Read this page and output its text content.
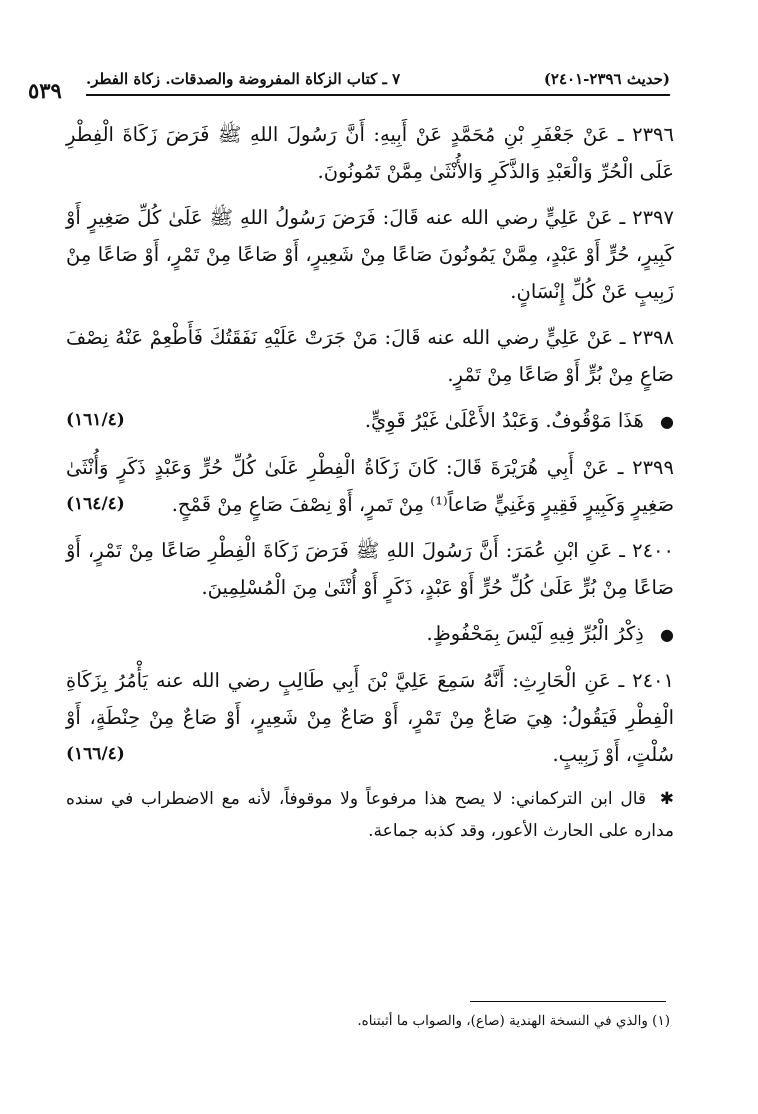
٥٣٩ ٧ ـ كتاب الزكاة المفروضة والصدقات. زكاة الفطر.	(حديث ٢٣٩٦-٢٤٠١)

٢٣٩٦ ـ عَنْ جَعْفَرِ بْنِ مُحَمَّدٍ عَنْ أَبِيهِ: أَنَّ رَسُولَ اللهِ ﷺ فَرَضَ زَكَاةَ الْفِطْرِ عَلَى الْحُرِّ وَالْعَبْدِ وَالذَّكَرِ وَالأُنْثَىٰ مِمَّنْ تَمُونُونَ.

٢٣٩٧ ـ عَنْ عَلِيٍّ رضي الله عنه قَالَ: فَرَضَ رَسُولُ اللهِ ﷺ عَلَىٰ كُلِّ صَغِيرٍ أَوْ كَبِيرٍ، حُرٍّ أَوْ عَبْدٍ، مِمَّنْ يَمُونُونَ صَاعًا مِنْ شَعِيرٍ، أَوْ صَاعًا مِنْ تَمْرٍ، أَوْ صَاعًا مِنْ زَبِيبٍ عَنْ كُلِّ إِنْسَانٍ.

٢٣٩٨ ـ عَنْ عَلِيٍّ رضي الله عنه قَالَ: مَنْ جَرَتْ عَلَيْهِ نَفَقَتُكَ فَأَطْعِمْ عَنْهُ نِصْفَ صَاعٍ مِنْ بُرٍّ أَوْ صَاعًا مِنْ تَمْرٍ.

(١٦١/٤)	● هَذَا مَوْقُوفٌ. وَعَبْدُ الأَعْلَىٰ غَيْرُ قَوِيٍّ.

٢٣٩٩ ـ عَنْ أَبِي هُرَيْرَةَ قَالَ: كَانَ زَكَاةُ الْفِطْرِ عَلَىٰ كُلِّ حُرٍّ وَعَبْدٍ ذَكَرٍ وَأُنْثَىٰ صَغِيرٍ وَكَبِيرٍ فَقِيرٍ وَغَنِيٍّ صَاعاً⁽¹⁾ مِنْ تَمرٍ، أَوْ نِصْفَ صَاعٍ مِنْ قَمْحٍ.
(١٦٤/٤)

٢٤٠٠ ـ عَنِ ابْنِ عُمَرَ: أَنَّ رَسُولَ اللهِ ﷺ فَرَضَ زَكَاةَ الْفِطْرِ صَاعًا مِنْ تَمْرٍ، أَوْ صَاعًا مِنْ بُرٍّ عَلَىٰ كُلِّ حُرٍّ أَوْ عَبْدٍ، ذَكَرٍ أَوْ أُنْثَىٰ مِنَ الْمُسْلِمِينَ.

● ذِكْرُ الْبُرِّ فِيهِ لَيْسَ بِمَحْفُوظٍ.

٢٤٠١ ـ عَنِ الْحَارِثِ: أَنَّهُ سَمِعَ عَلِيَّ بْنَ أَبِي طَالِبٍ رضي الله عنه يَأْمُرُ بِزَكَاةِ الْفِطْرِ فَيَقُولُ: هِيَ صَاعٌ مِنْ تَمْرٍ، أَوْ صَاعٌ مِنْ شَعِيرٍ، أَوْ صَاعٌ مِنْ حِنْطَةٍ، أَوْ سُلْتٍ، أَوْ زَبِيبٍ.
(١٦٦/٤)

✱ قال ابن التركماني: لا يصح هذا مرفوعاً ولا موقوفاً، لأنه مع الاضطراب في سنده مداره على الحارث الأعور، وقد كذبه جماعة.

(١) والذي في النسخة الهندية (صاع)، والصواب ما أثبتناه.
